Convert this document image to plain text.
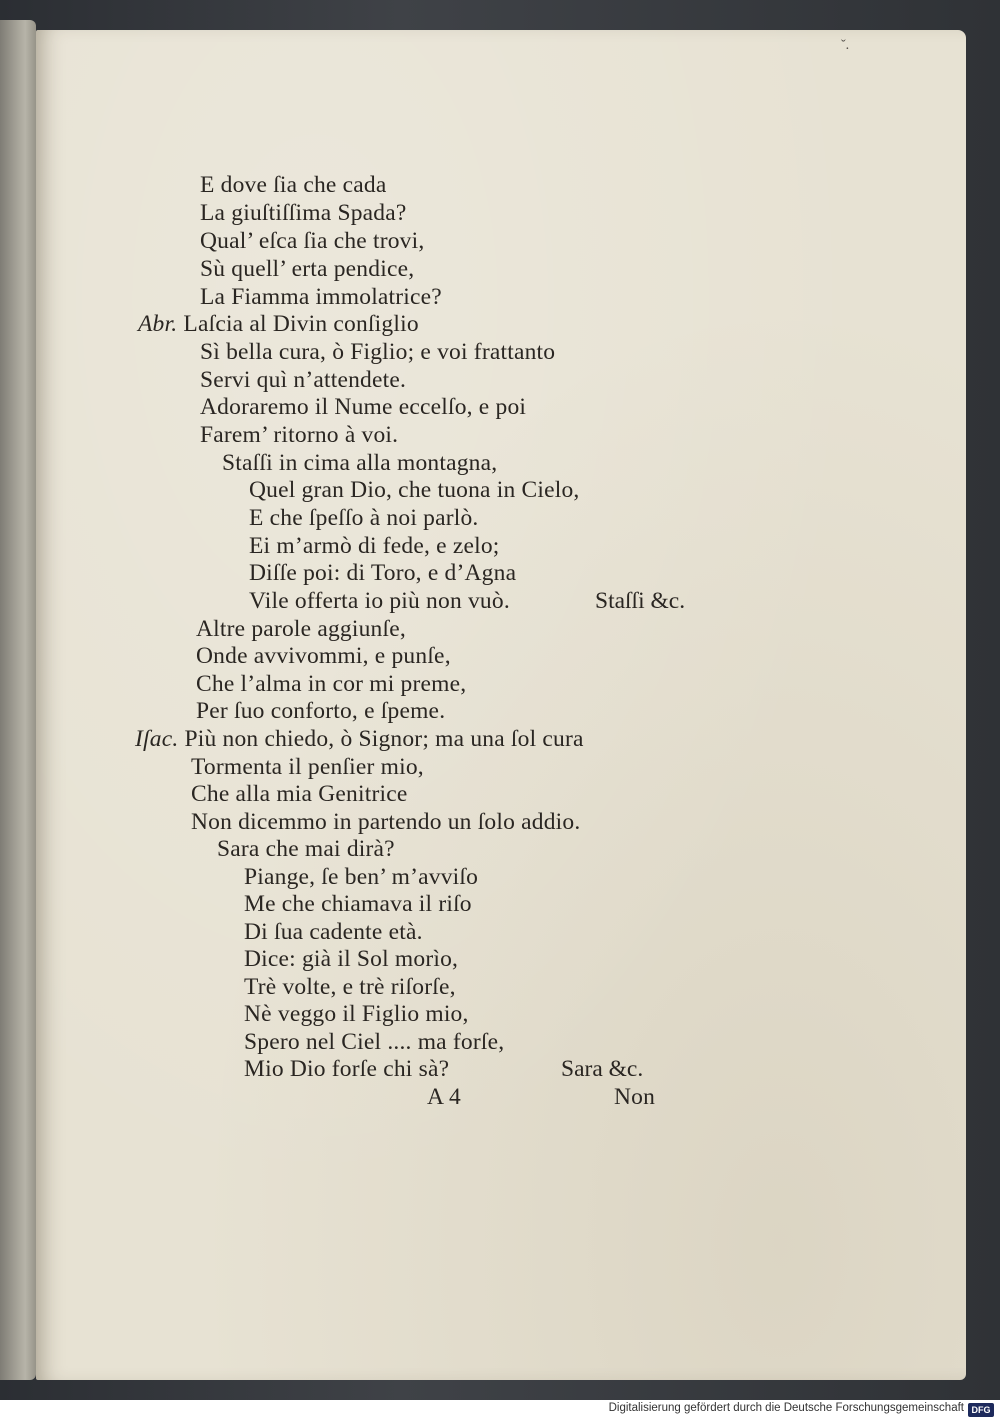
ˇ.
E dove ſia che cada
La giuſtiſſima Spada?
Qual’ eſca ſia che trovi,
Sù quell’ erta pendice,
La Fiamma immolatrice?
Abr. Laſcia al Divin conſiglio
Sì bella cura, ò Figlio; e voi frattanto
Servi quì n’attendete.
Adoraremo il Nume eccelſo, e poi
Farem’ ritorno à voi.
Staſſi in cima alla montagna,
Quel gran Dio, che tuona in Cielo,
E che ſpeſſo à noi parlò.
Ei m’armò di fede, e zelo;
Diſſe poi: di Toro, e d’Agna
Vile offerta io più non vuò.	Staſſi &c.
Altre parole aggiunſe,
Onde avvivommi, e punſe,
Che l’alma in cor mi preme,
Per ſuo conforto, e ſpeme.
Iſac. Più non chiedo, ò Signor; ma una ſol cura
Tormenta il penſier mio,
Che alla mia Genitrice
Non dicemmo in partendo un ſolo addio.
Sara che mai dirà?
Piange, ſe ben’ m’avviſo
Me che chiamava il riſo
Di ſua cadente età.
Dice: già il Sol morìo,
Trè volte, e trè riſorſe,
Nè veggo il Figlio mio,
Spero nel Ciel .... ma forſe,
Mio Dio forſe chi sà?	Sara &c.
A 4	Non
Digitalisierung gefördert durch die Deutsche Forschungsgemeinschaft DFG
